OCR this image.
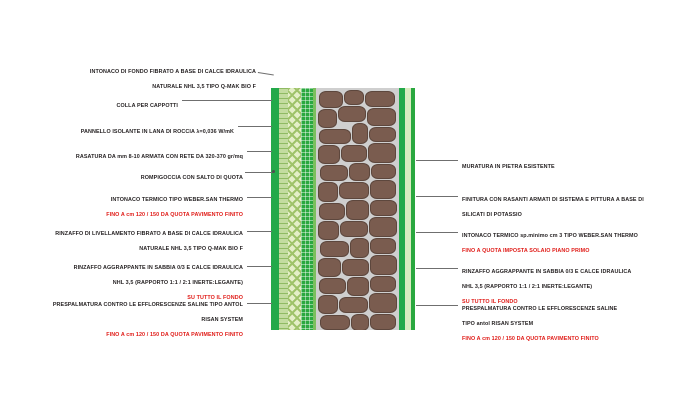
INTONACO DI FONDO FIBRATO A BASE DI CALCE IDRAULICA

NATURALE NHL 3,5 TIPO Q-MAK BIO F

COLLA PER CAPPOTTI

PANNELLO ISOLANTE IN LANA DI ROCCIA λ=0,036 W/mK

RASATURA DA mm 8-10 ARMATA CON RETE DA 320-370 gr/mq

ROMPIGOCCIA CON SALTO DI QUOTA

INTONACO TERMICO TIPO WEBER.SAN THERMO

FINO A cm 120 / 150 DA QUOTA PAVIMENTO FINITO

RINZAFFO DI LIVELLAMENTO FIBRATO A BASE DI CALCE IDRAULICA

NATURALE NHL 3,5 TIPO Q-MAK BIO F

RINZAFFO AGGRAPPANTE IN SABBIA 0/3 E CALCE IDRAULICA

NHL 3,5 (RAPPORTO 1:1 / 2:1 INERTE:LEGANTE)

SU TUTTO IL FONDO

PRESPALMATURA CONTRO LE EFFLORESCENZE SALINE TIPO ANTOL

RISAN SYSTEM

FINO A cm 120 / 150 DA QUOTA PAVIMENTO FINITO

MURATURA IN PIETRA ESISTENTE

FINITURA CON RASANTI ARMATI DI SISTEMA E PITTURA A BASE DI

SILICATI DI POTASSIO

INTONACO TERMICO sp.minimo cm 3 TIPO WEBER.SAN THERMO

FINO A QUOTA IMPOSTA SOLAIO PIANO PRIMO

RINZAFFO AGGRAPPANTE IN SABBIA 0/3 E CALCE IDRAULICA

NHL 3,5 (RAPPORTO 1:1 / 2:1 INERTE:LEGANTE)

SU TUTTO IL FONDO

PRESPALMATURA CONTRO LE EFFLORESCENZE SALINE

TIPO antol RISAN SYSTEM

FINO A cm 120 / 150 DA QUOTA PAVIMENTO FINITO
